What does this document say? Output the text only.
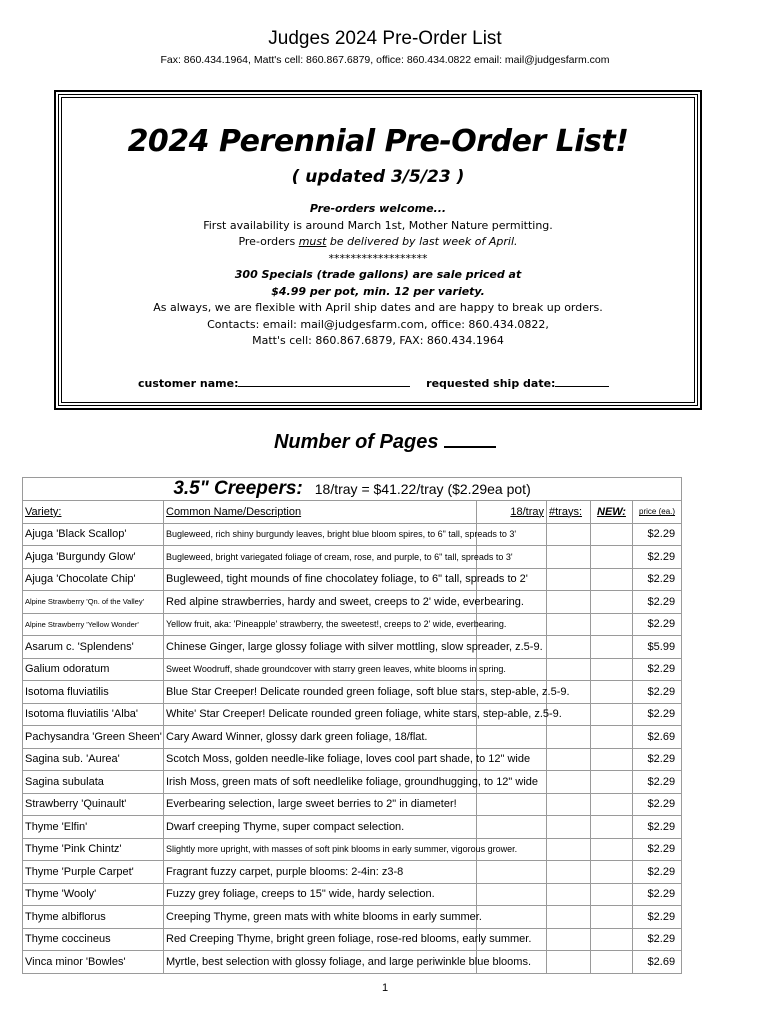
Judges 2024 Pre-Order List
Fax: 860.434.1964, Matt's cell: 860.867.6879, office: 860.434.0822 email: mail@judgesfarm.com
2024 Perennial Pre-Order List!
( updated 3/5/23 )
Pre-orders welcome...
First availability is around March 1st, Mother Nature permitting.
Pre-orders must be delivered by last week of April.
******************
300 Specials (trade gallons) are sale priced at
$4.99 per pot, min. 12 per variety.
As always, we are flexible with April ship dates and are happy to break up orders.
Contacts: email: mail@judgesfarm.com, office: 860.434.0822,
Matt's cell: 860.867.6879, FAX: 860.434.1964
customer name:	requested ship date:
Number of Pages
3.5" Creepers: 18/tray = $41.22/tray ($2.29ea pot)					
Variety:	Common Name/Description	18/tray	#trays:	NEW:	price (ea.)
Ajuga 'Black Scallop'	Bugleweed, rich shiny burgundy leaves, bright blue bloom spires, to 6" tall, spreads to 3'				$2.29
Ajuga 'Burgundy Glow'	Bugleweed, bright variegated foliage of cream, rose, and purple, to 6" tall, spreads to 3'				$2.29
Ajuga 'Chocolate Chip'	Bugleweed, tight mounds of fine chocolatey foliage, to 6" tall, spreads to 2'				$2.29
Alpine Strawberry 'Qn. of the Valley'	Red alpine strawberries, hardy and sweet, creeps to 2' wide, everbearing.				$2.29
Alpine Strawberry 'Yellow Wonder'	Yellow fruit, aka: 'Pineapple' strawberry, the sweetest!, creeps to 2' wide, everbearing.				$2.29
Asarum c. 'Splendens'	Chinese Ginger, large glossy foliage with silver mottling, slow spreader, z.5-9.				$5.99
Galium odoratum	Sweet Woodruff, shade groundcover with starry green leaves, white blooms in spring.				$2.29
Isotoma fluviatilis	Blue Star Creeper! Delicate rounded green foliage, soft blue stars, step-able, z.5-9.				$2.29
Isotoma fluviatilis 'Alba'	White' Star Creeper! Delicate rounded green foliage, white stars, step-able, z.5-9.				$2.29
Pachysandra 'Green Sheen'	Cary Award Winner, glossy dark green foliage, 18/flat.				$2.69
Sagina sub. 'Aurea'	Scotch Moss, golden needle-like foliage, loves cool part shade, to 12" wide				$2.29
Sagina subulata	Irish Moss, green mats of soft needlelike foliage, groundhugging, to 12" wide				$2.29
Strawberry 'Quinault'	Everbearing selection, large sweet berries to 2" in diameter!				$2.29
Thyme 'Elfin'	Dwarf creeping Thyme, super compact selection.				$2.29
Thyme 'Pink Chintz'	Slightly more upright, with masses of soft pink blooms in early summer, vigorous grower.				$2.29
Thyme 'Purple Carpet'	Fragrant fuzzy carpet, purple blooms: 2-4in: z3-8				$2.29
Thyme 'Wooly'	Fuzzy grey foliage, creeps to 15" wide, hardy selection.				$2.29
Thyme albiflorus	Creeping Thyme, green mats with white blooms in early summer.				$2.29
Thyme coccineus	Red Creeping Thyme, bright green foliage, rose-red blooms, early summer.				$2.29
Vinca minor 'Bowles'	Myrtle, best selection with glossy foliage, and large periwinkle blue blooms.				$2.69
1
